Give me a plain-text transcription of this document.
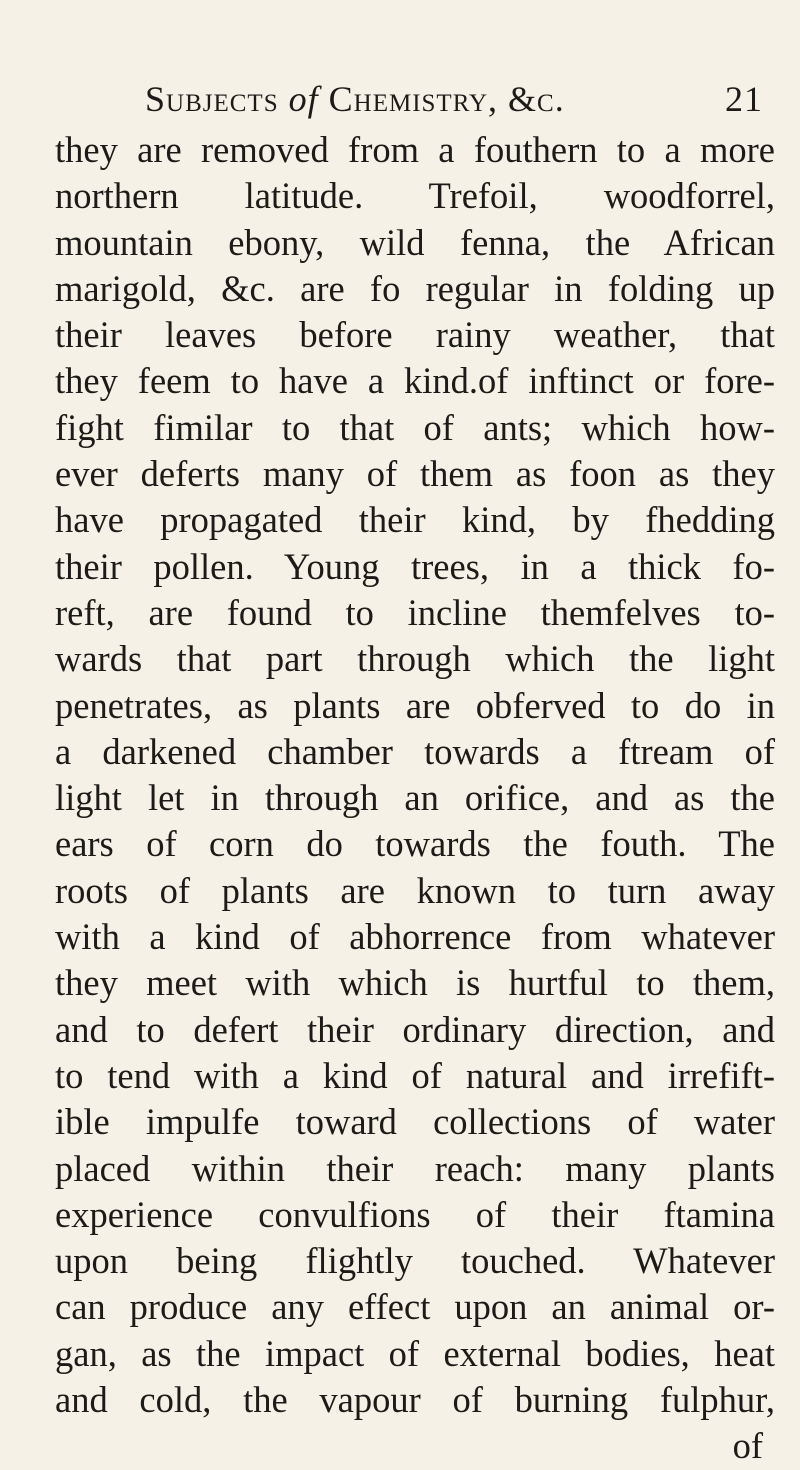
Subjects of Chemistry, &c.	21
they are removed from a fouthern to a more
northern latitude. Trefoil, woodforrel,
mountain ebony, wild fenna, the African
marigold, &c. are fo regular in folding up
their leaves before rainy weather, that
they feem to have a kind.of inftinct or fore-
fight fimilar to that of ants; which how-
ever deferts many of them as foon as they
have propagated their kind, by fhedding
their pollen. Young trees, in a thick fo-
reft, are found to incline themfelves to-
wards that part through which the light
penetrates, as plants are obferved to do in
a darkened chamber towards a ftream of
light let in through an orifice, and as the
ears of corn do towards the fouth. The
roots of plants are known to turn away
with a kind of abhorrence from whatever
they meet with which is hurtful to them,
and to defert their ordinary direction, and
to tend with a kind of natural and irrefift-
ible impulfe toward collections of water
placed within their reach: many plants
experience convulfions of their ftamina
upon being flightly touched. Whatever
can produce any effect upon an animal or-
gan, as the impact of external bodies, heat
and cold, the vapour of burning fulphur,
of
